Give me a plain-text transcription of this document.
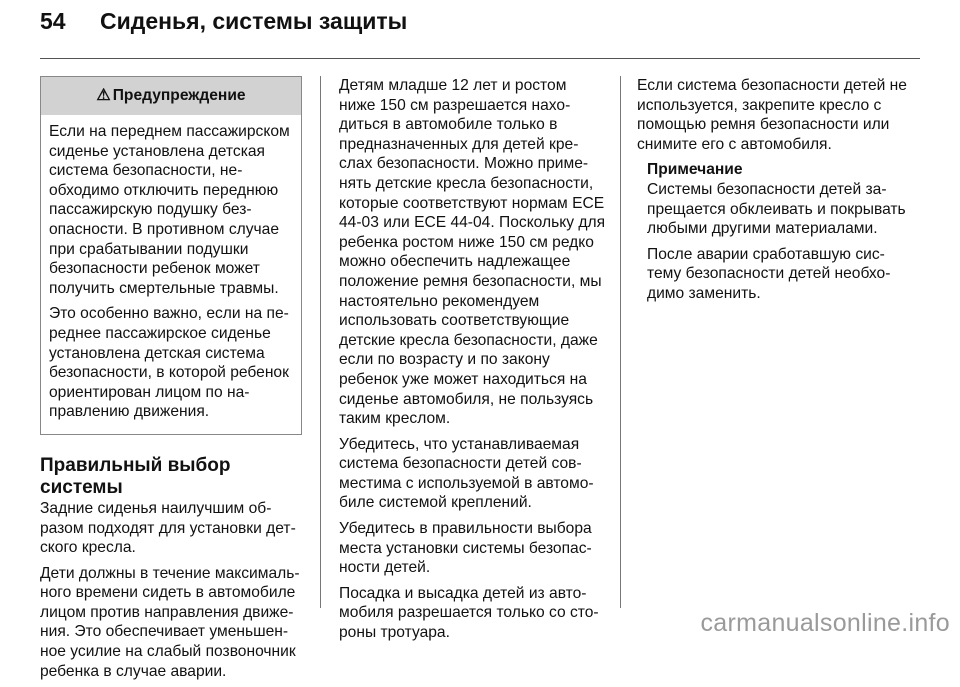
54 Сиденья, системы защиты
⚠ Предупреждение

Если на переднем пассажирском сиденье установлена детская система безопасности, необходимо отключить переднюю пассажирскую подушку безопасности. В противном случае при срабатывании подушки безопасности ребенок может получить смертельные травмы.

Это особенно важно, если на переднее пассажирское сиденье установлена детская система безопасности, в которой ребенок ориентирован лицом по направлению движения.

Правильный выбор системы

Задние сиденья наилучшим образом подходят для установки детского кресла.

Дети должны в течение максимального времени сидеть в автомобиле лицом против направления движения. Это обеспечивает уменьшенное усилие на слабый позвоночник ребенка в случае аварии.

Детям младше 12 лет и ростом ниже 150 см разрешается находиться в автомобиле только в предназначенных для детей креслах безопасности. Можно применять детские кресла безопасности, которые соответствуют нормам ECE 44-03 или ECE 44-04. Поскольку для ребенка ростом ниже 150 см редко можно обеспечить надлежащее положение ремня безопасности, мы настоятельно рекомендуем использовать соответствующие детские кресла безопасности, даже если по возрасту и по закону ребенок уже может находиться на сиденье автомобиля, не пользуясь таким креслом.

Убедитесь, что устанавливаемая система безопасности детей совместима с используемой в автомобиле системой креплений.

Убедитесь в правильности выбора места установки системы безопасности детей.

Посадка и высадка детей из автомобиля разрешается только со стороны тротуара.

Если система безопасности детей не используется, закрепите кресло с помощью ремня безопасности или снимите его с автомобиля.

Примечание

Системы безопасности детей запрещается обклеивать и покрывать любыми другими материалами.

После аварии сработавшую систему безопасности детей необходимо заменить.

carmanualsonline.info
